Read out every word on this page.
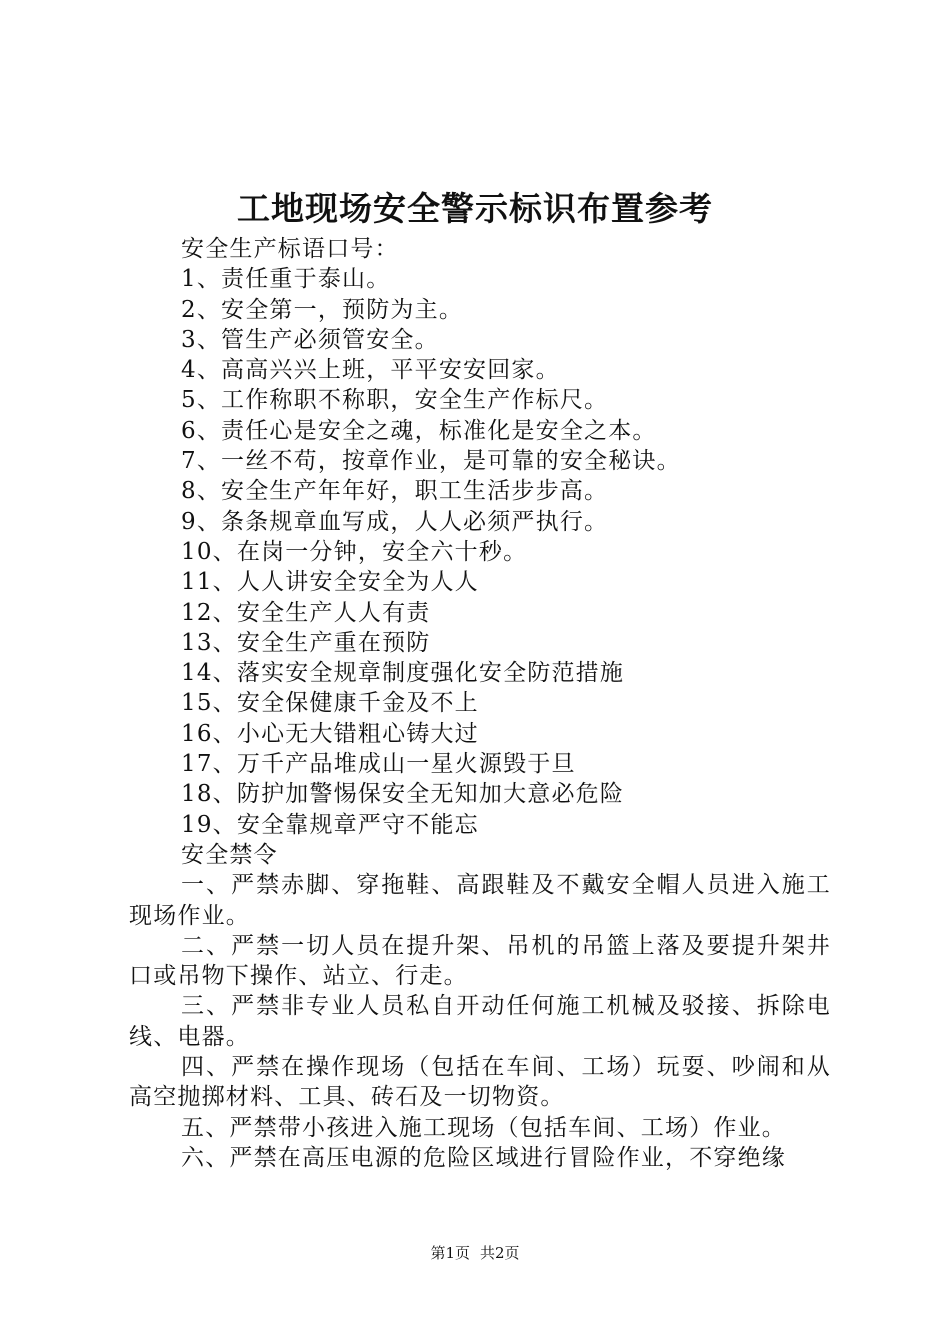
工地现场安全警示标识布置参考

安全生产标语口号：

1、责任重于泰山。

2、安全第一，预防为主。

3、管生产必须管安全。

4、高高兴兴上班，平平安安回家。

5、工作称职不称职，安全生产作标尺。

6、责任心是安全之魂，标准化是安全之本。

7、一丝不苟，按章作业，是可靠的安全秘诀。

8、安全生产年年好，职工生活步步高。

9、条条规章血写成，人人必须严执行。

10、在岗一分钟，安全六十秒。

11、人人讲安全安全为人人

12、安全生产人人有责

13、安全生产重在预防

14、落实安全规章制度强化安全防范措施

15、安全保健康千金及不上

16、小心无大错粗心铸大过

17、万千产品堆成山一星火源毁于旦

18、防护加警惕保安全无知加大意必危险

19、安全靠规章严守不能忘

安全禁令

一、严禁赤脚、穿拖鞋、高跟鞋及不戴安全帽人员进入施工现场作业。

二、严禁一切人员在提升架、吊机的吊篮上落及要提升架井口或吊物下操作、站立、行走。

三、严禁非专业人员私自开动任何施工机械及驳接、拆除电线、电器。

四、严禁在操作现场（包括在车间、工场）玩耍、吵闹和从高空抛掷材料、工具、砖石及一切物资。

五、严禁带小孩进入施工现场（包括车间、工场）作业。

六、严禁在高压电源的危险区域进行冒险作业，不穿绝缘

第1页 共2页
